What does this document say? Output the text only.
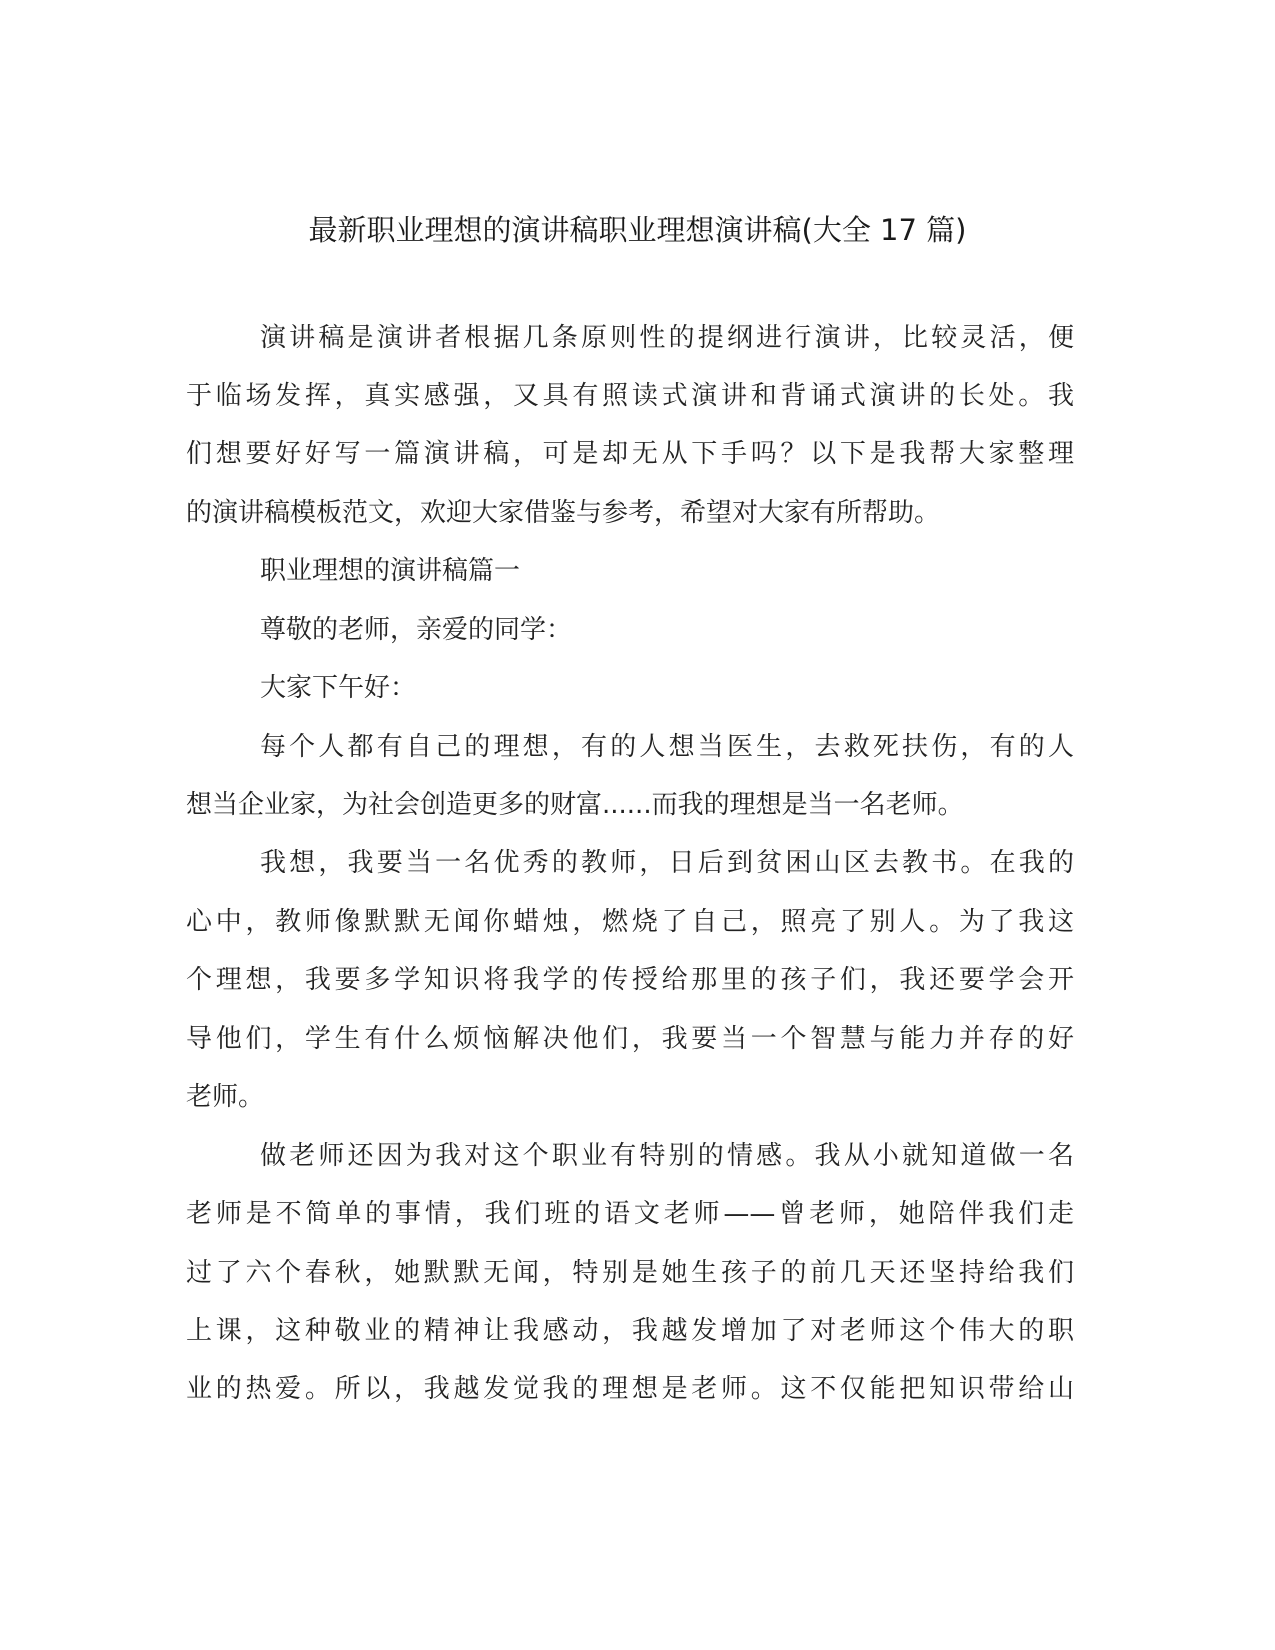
最新职业理想的演讲稿职业理想演讲稿(大全 17 篇)

演讲稿是演讲者根据几条原则性的提纲进行演讲，比较灵活，便

于临场发挥，真实感强，又具有照读式演讲和背诵式演讲的长处。我

们想要好好写一篇演讲稿，可是却无从下手吗？以下是我帮大家整理

的演讲稿模板范文，欢迎大家借鉴与参考，希望对大家有所帮助。

职业理想的演讲稿篇一

尊敬的老师，亲爱的同学：

大家下午好：

每个人都有自己的理想，有的人想当医生，去救死扶伤，有的人

想当企业家，为社会创造更多的财富......而我的理想是当一名老师。

我想，我要当一名优秀的教师，日后到贫困山区去教书。在我的

心中，教师像默默无闻你蜡烛，燃烧了自己，照亮了别人。为了我这

个理想，我要多学知识将我学的传授给那里的孩子们，我还要学会开

导他们，学生有什么烦恼解决他们，我要当一个智慧与能力并存的好

老师。

做老师还因为我对这个职业有特别的情感。我从小就知道做一名

老师是不简单的事情，我们班的语文老师——曾老师，她陪伴我们走

过了六个春秋，她默默无闻，特别是她生孩子的前几天还坚持给我们

上课，这种敬业的精神让我感动，我越发增加了对老师这个伟大的职

业的热爱。所以，我越发觉我的理想是老师。这不仅能把知识带给山
